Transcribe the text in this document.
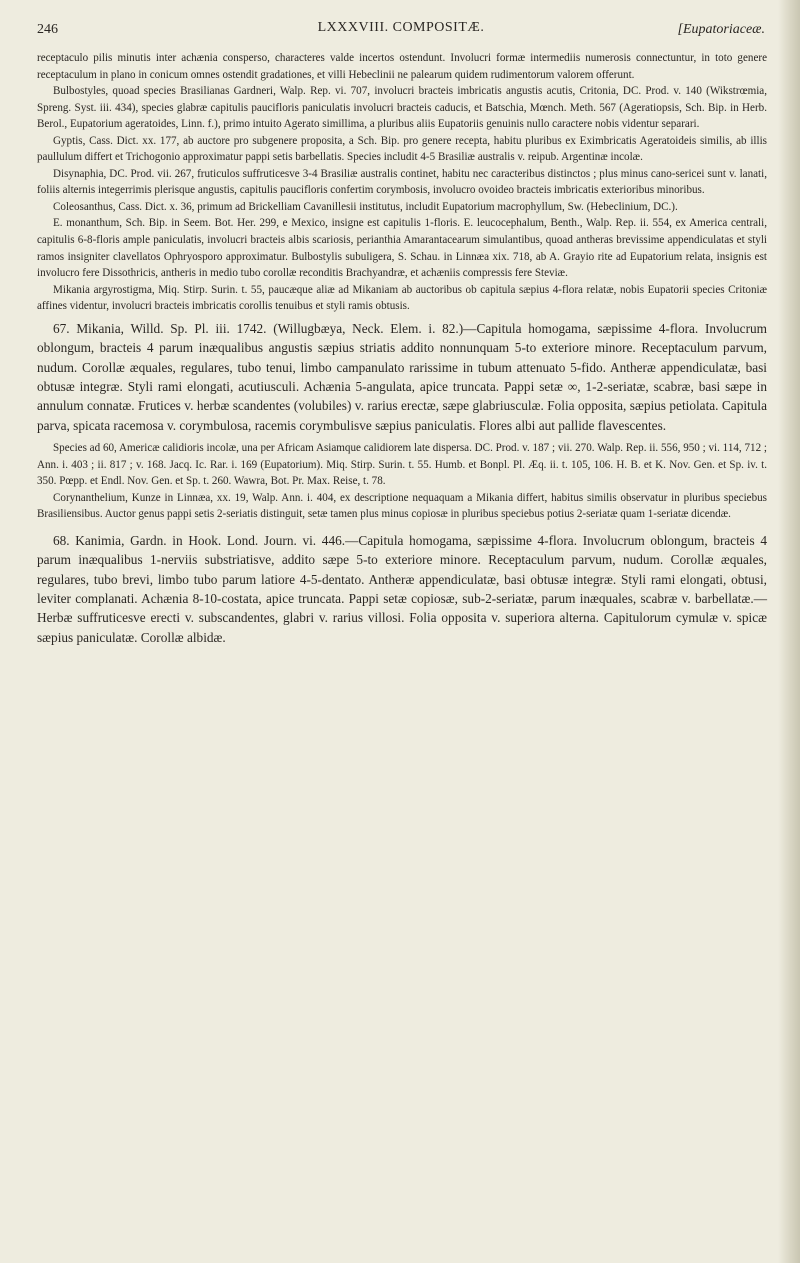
246	LXXXVIII. COMPOSITÆ.	[Eupatoriaceæ.

receptaculo pilis minutis inter achænia consperso, characteres valde incertos ostendunt. Involucri formæ intermediis numerosis connectuntur, in toto genere receptaculum in plano in conicum omnes ostendit gradationes, et villi Hebeclinii ne palearum quidem rudimentorum valorem offerunt.

Bulbostyles, quoad species Brasilianas Gardneri, Walp. Rep. vi. 707, involucri bracteis imbricatis angustis acutis, Critonia, DC. Prod. v. 140 (Wikstrœmia, Spreng. Syst. iii. 434), species glabræ capitulis paucifloris paniculatis involucri bracteis caducis, et Batschia, Mœnch. Meth. 567 (Ageratiopsis, Sch. Bip. in Herb. Berol., Eupatorium ageratoides, Linn. f.), primo intuito Agerato simillima, a pluribus aliis Eupatoriis genuinis nullo caractere nobis videntur separari.

Gyptis, Cass. Dict. xx. 177, ab auctore pro subgenere proposita, a Sch. Bip. pro genere recepta, habitu pluribus ex Eximbricatis Ageratoideis similis, ab illis paullulum differt et Trichogonio approximatur pappi setis barbellatis. Species includit 4-5 Brasiliæ australis v. reipub. Argentinæ incolæ.

Disynaphia, DC. Prod. vii. 267, fruticulos suffruticesve 3-4 Brasiliæ australis continet, habitu nec caracteribus distinctos ; plus minus cano-sericei sunt v. lanati, foliis alternis integerrimis plerisque angustis, capitulis paucifloris confertim corymbosis, involucro ovoideo bracteis imbricatis exterioribus minoribus.

Coleosanthus, Cass. Dict. x. 36, primum ad Brickelliam Cavanillesii institutus, includit Eupatorium macrophyllum, Sw. (Hebeclinium, DC.).

E. monanthum, Sch. Bip. in Seem. Bot. Her. 299, e Mexico, insigne est capitulis 1-floris. E. leucocephalum, Benth., Walp. Rep. ii. 554, ex America centrali, capitulis 6-8-floris ample paniculatis, involucri bracteis albis scariosis, perianthia Amarantacearum simulantibus, quoad antheras brevissime appendiculatas et styli ramos insigniter clavellatos Ophryosporo approximatur. Bulbostylis subuligera, S. Schau. in Linnæa xix. 718, ab A. Grayio rite ad Eupatorium relata, insignis est involucro fere Dissothricis, antheris in medio tubo corollæ reconditis Brachyandræ, et achæniis compressis fere Steviæ.

Mikania argyrostigma, Miq. Stirp. Surin. t. 55, paucæque aliæ ad Mikaniam ab auctoribus ob capitula sæpius 4-flora relatæ, nobis Eupatorii species Critoniæ affines videntur, involucri bracteis imbricatis corollis tenuibus et styli ramis obtusis.

67. Mikania, Willd. Sp. Pl. iii. 1742. (Willugbæya, Neck. Elem. i. 82.)—Capitula homogama, sæpissime 4-flora. Involucrum oblongum, bracteis 4 parum inæqualibus angustis sæpius striatis addito nonnunquam 5-to exteriore minore. Receptaculum parvum, nudum. Corollæ æquales, regulares, tubo tenui, limbo campanulato rarissime in tubum attenuato 5-fido. Antheræ appendiculatæ, basi obtusæ integræ. Styli rami elongati, acutiusculi. Achænia 5-angulata, apice truncata. Pappi setæ ∞, 1-2-seriatæ, scabræ, basi sæpe in annulum connatæ. Frutices v. herbæ scandentes (volubiles) v. rarius erectæ, sæpe glabriusculæ. Folia opposita, sæpius petiolata. Capitula parva, spicata racemosa v. corymbulosa, racemis corymbulisve sæpius paniculatis. Flores albi aut pallide flavescentes.

Species ad 60, Americæ calidioris incolæ, una per Africam Asiamque calidiorem late dispersa. DC. Prod. v. 187 ; vii. 270. Walp. Rep. ii. 556, 950 ; vi. 114, 712 ; Ann. i. 403 ; ii. 817 ; v. 168. Jacq. Ic. Rar. i. 169 (Eupatorium). Miq. Stirp. Surin. t. 55. Humb. et Bonpl. Pl. Æq. ii. t. 105, 106. H. B. et K. Nov. Gen. et Sp. iv. t. 350. Pœpp. et Endl. Nov. Gen. et Sp. t. 260. Wawra, Bot. Pr. Max. Reise, t. 78.

Corynanthelium, Kunze in Linnæa, xx. 19, Walp. Ann. i. 404, ex descriptione nequaquam a Mikania differt, habitus similis observatur in pluribus speciebus Brasiliensibus. Auctor genus pappi setis 2-seriatis distinguit, setæ tamen plus minus copiosæ in pluribus speciebus potius 2-seriatæ quam 1-seriatæ dicendæ.

68. Kanimia, Gardn. in Hook. Lond. Journ. vi. 446.—Capitula homogama, sæpissime 4-flora. Involucrum oblongum, bracteis 4 parum inæqualibus 1-nerviis substriatisve, addito sæpe 5-to exteriore minore. Receptaculum parvum, nudum. Corollæ æquales, regulares, tubo brevi, limbo tubo parum latiore 4-5-dentato. Antheræ appendiculatæ, basi obtusæ integræ. Styli rami elongati, obtusi, leviter complanati. Achænia 8-10-costata, apice truncata. Pappi setæ copiosæ, sub-2-seriatæ, parum inæquales, scabræ v. barbellatæ.—Herbæ suffruticesve erecti v. subscandentes, glabri v. rarius villosi. Folia opposita v. superiora alterna. Capitulorum cymulæ v. spicæ sæpius paniculatæ. Corollæ albidæ.
